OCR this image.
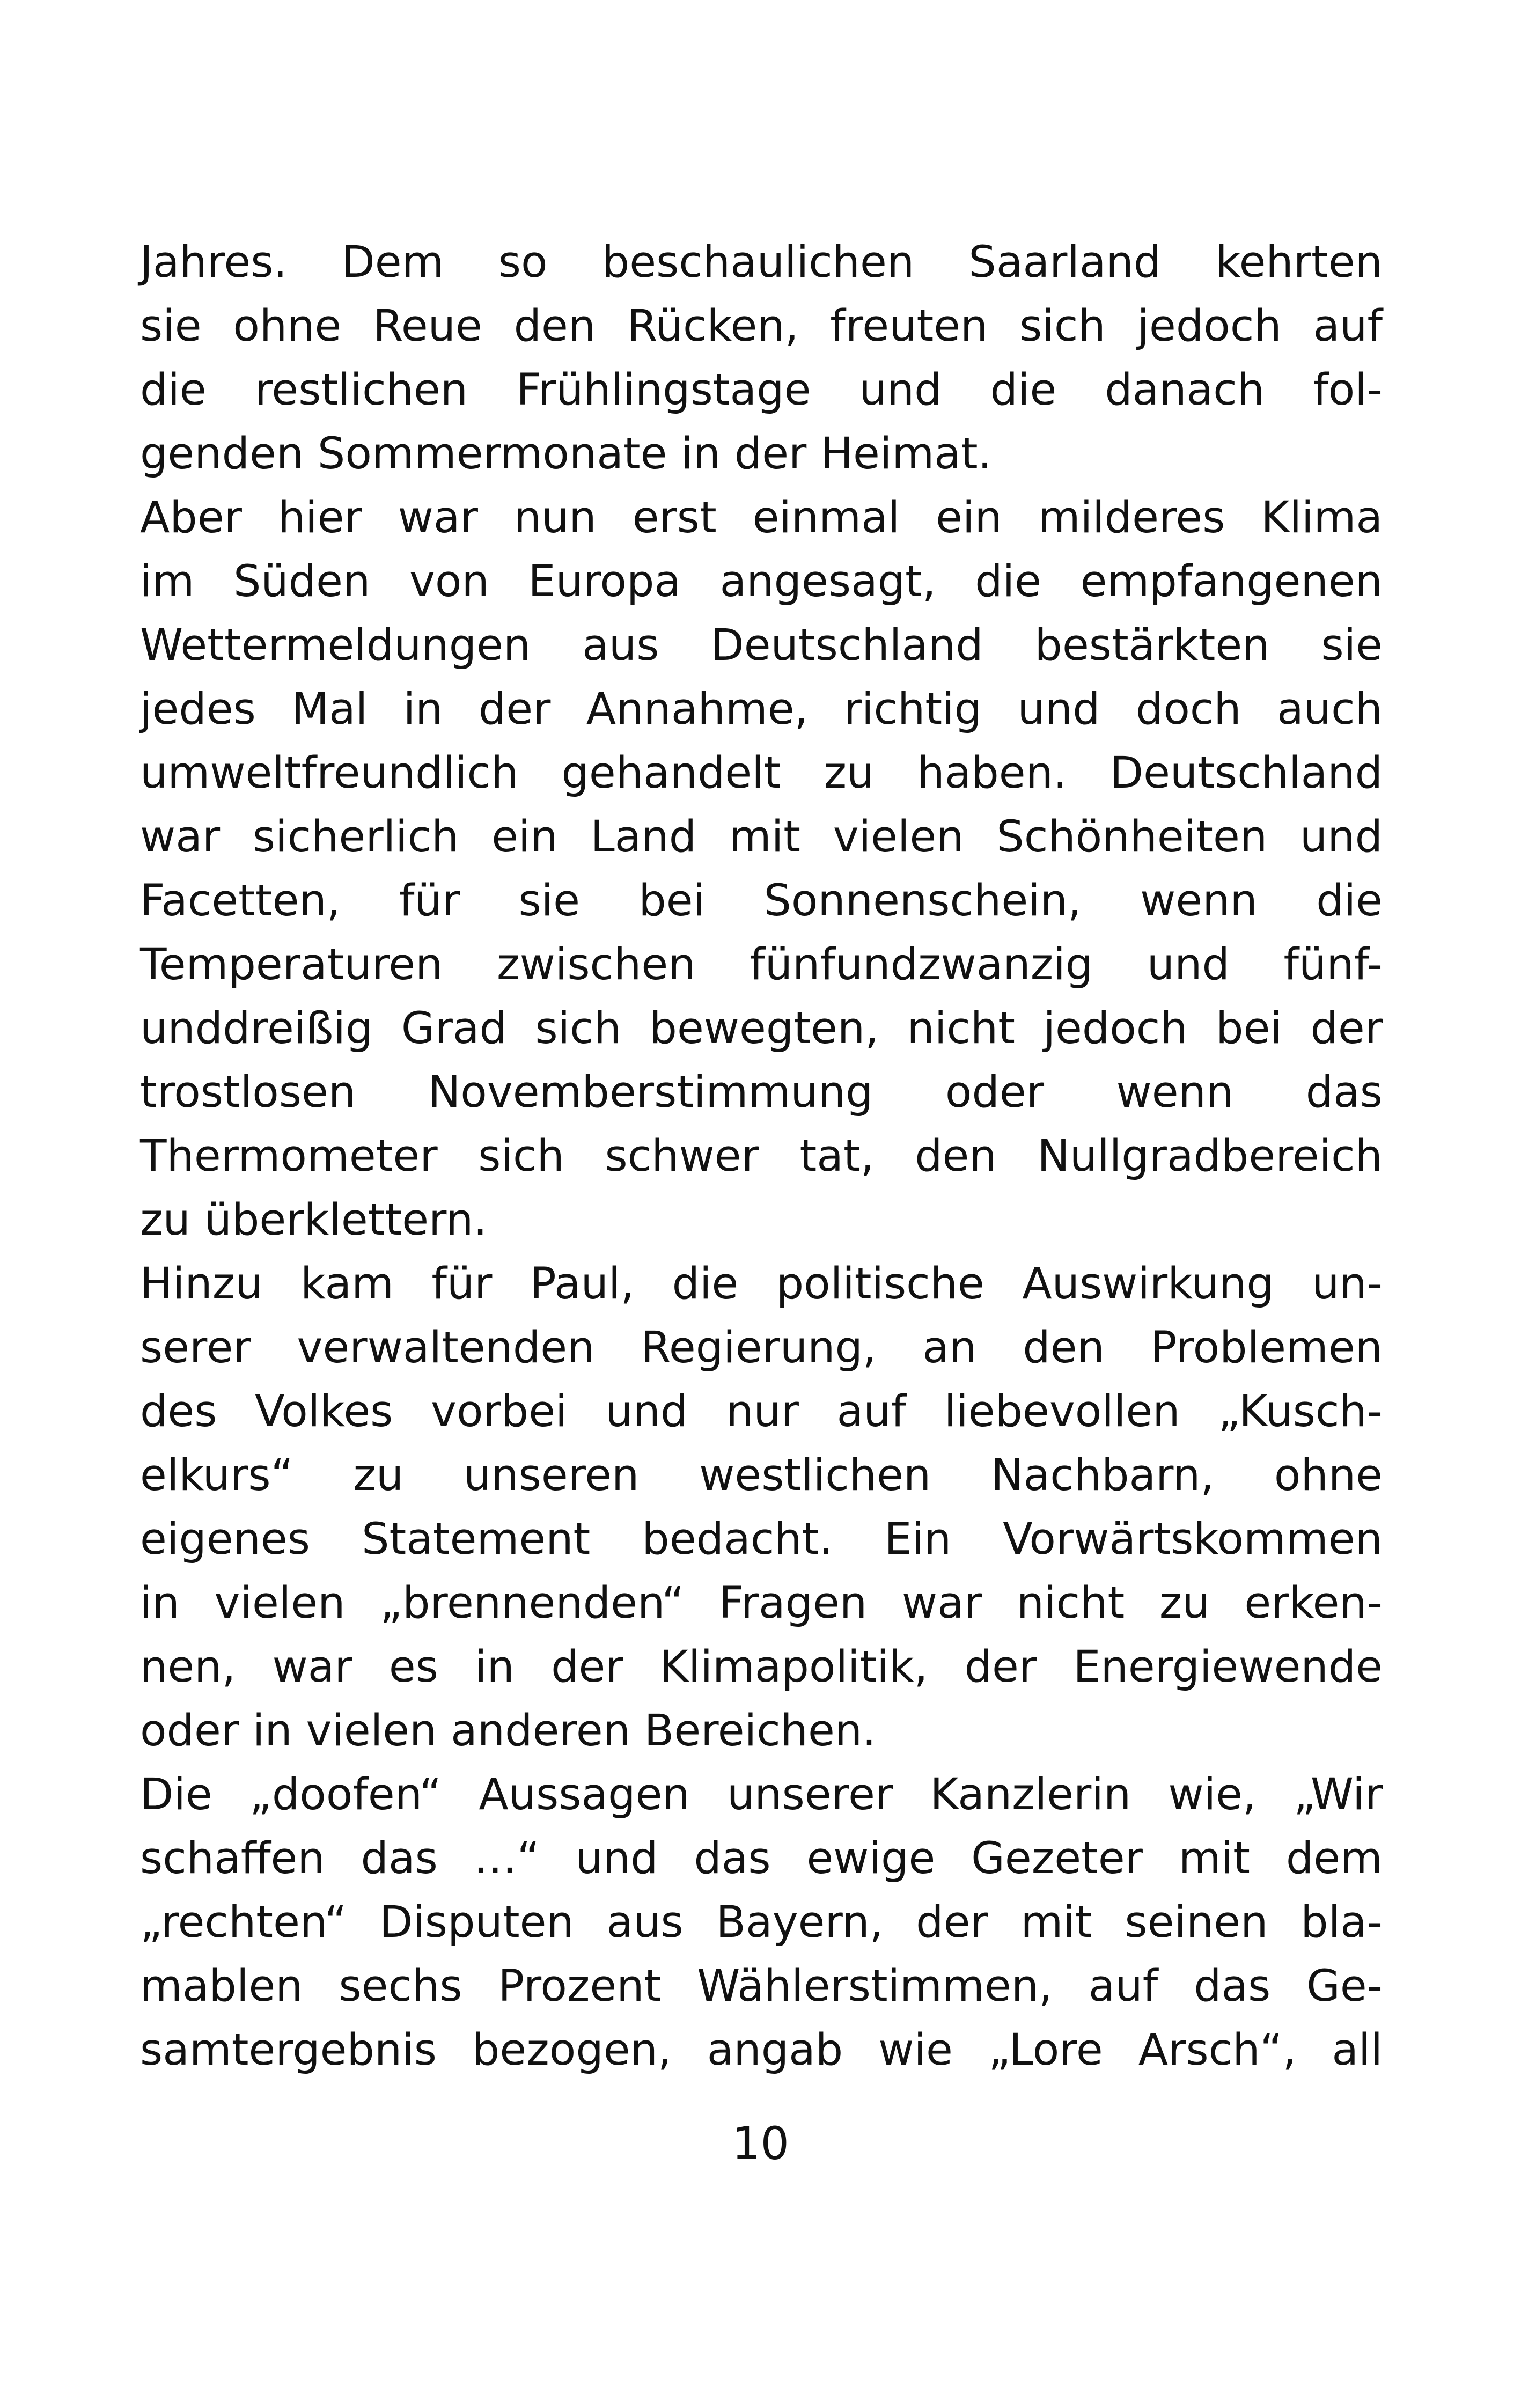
Jahres. Dem so beschaulichen Saarland kehrten
sie ohne Reue den Rücken, freuten sich jedoch auf
die restlichen Frühlingstage und die danach fol-
genden Sommermonate in der Heimat.
Aber hier war nun erst einmal ein milderes Klima
im Süden von Europa angesagt, die empfangenen
Wettermeldungen aus Deutschland bestärkten sie
jedes Mal in der Annahme, richtig und doch auch
umweltfreundlich gehandelt zu haben. Deutschland
war sicherlich ein Land mit vielen Schönheiten und
Facetten, für sie bei Sonnenschein, wenn die
Temperaturen zwischen fünfundzwanzig und fünf-
unddreißig Grad sich bewegten, nicht jedoch bei der
trostlosen Novemberstimmung oder wenn das
Thermometer sich schwer tat, den Nullgradbereich
zu überklettern.
Hinzu kam für Paul, die politische Auswirkung un-
serer verwaltenden Regierung, an den Problemen
des Volkes vorbei und nur auf liebevollen „Kusch-
elkurs“ zu unseren westlichen Nachbarn, ohne
eigenes Statement bedacht. Ein Vorwärtskommen
in vielen „brennenden“ Fragen war nicht zu erken-
nen, war es in der Klimapolitik, der Energiewende
oder in vielen anderen Bereichen.
Die „doofen“ Aussagen unserer Kanzlerin wie, „Wir
schaffen das …“ und das ewige Gezeter mit dem
„rechten“ Disputen aus Bayern, der mit seinen bla-
mablen sechs Prozent Wählerstimmen, auf das Ge-
samtergebnis bezogen, angab wie „Lore Arsch“, all
10
